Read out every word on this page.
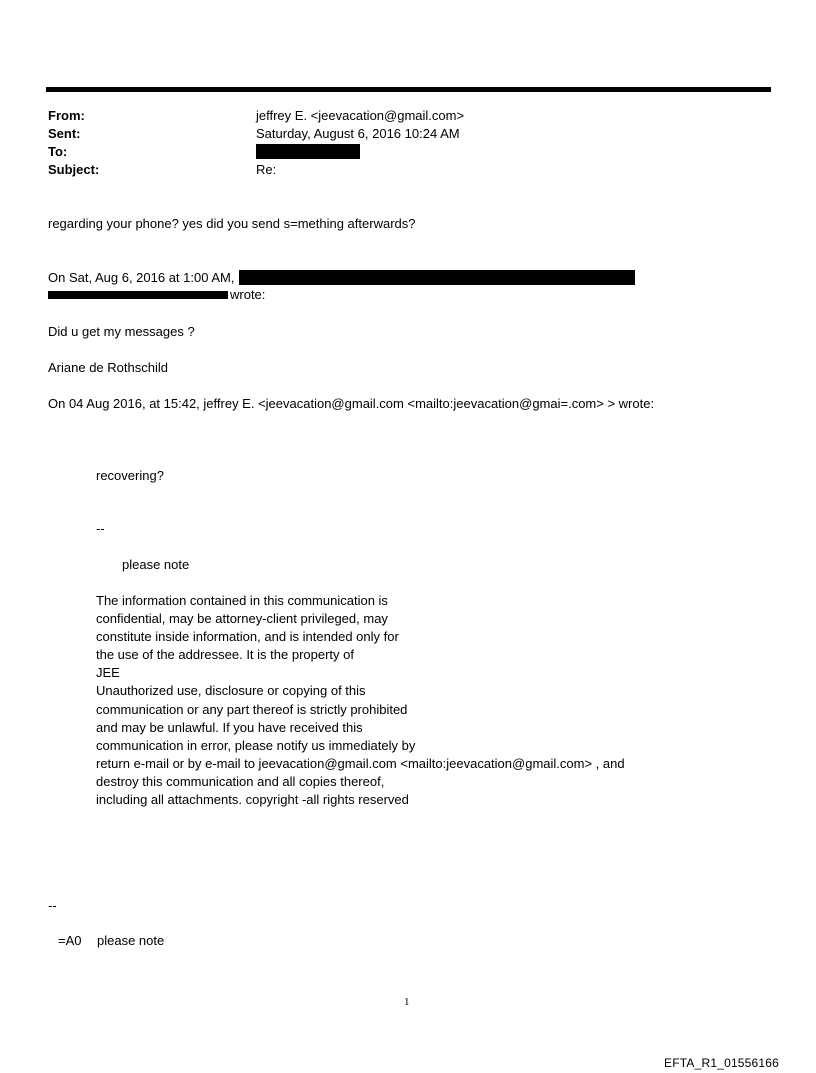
From:	jeffrey E. <jeevacation@gmail.com>
Sent:	Saturday, August 6, 2016 10:24 AM
To:
Subject:	Re:
regarding your phone? yes did you send s=mething afterwards?
On Sat, Aug 6, 2016 at 1:00 AM,
wrote:
Did u get my messages ?
Ariane de Rothschild
On 04 Aug 2016, at 15:42, jeffrey E. <jeevacation@gmail.com <mailto:jeevacation@gmai=.com> > wrote:
recovering?
--
please note
The information contained in this communication is
confidential, may be attorney-client privileged, may
constitute inside information, and is intended only for
the use of the addressee. It is the property of
JEE
Unauthorized use, disclosure or copying of this
communication or any part thereof is strictly prohibited
and may be unlawful. If you have received this
communication in error, please notify us immediately by
return e-mail or by e-mail to jeevacation@gmail.com <mailto:jeevacation@gmail.com> , and
destroy this communication and all copies thereof,
including all attachments. copyright -all rights reserved
--
=A0 please note
1
EFTA_R1_01556166
